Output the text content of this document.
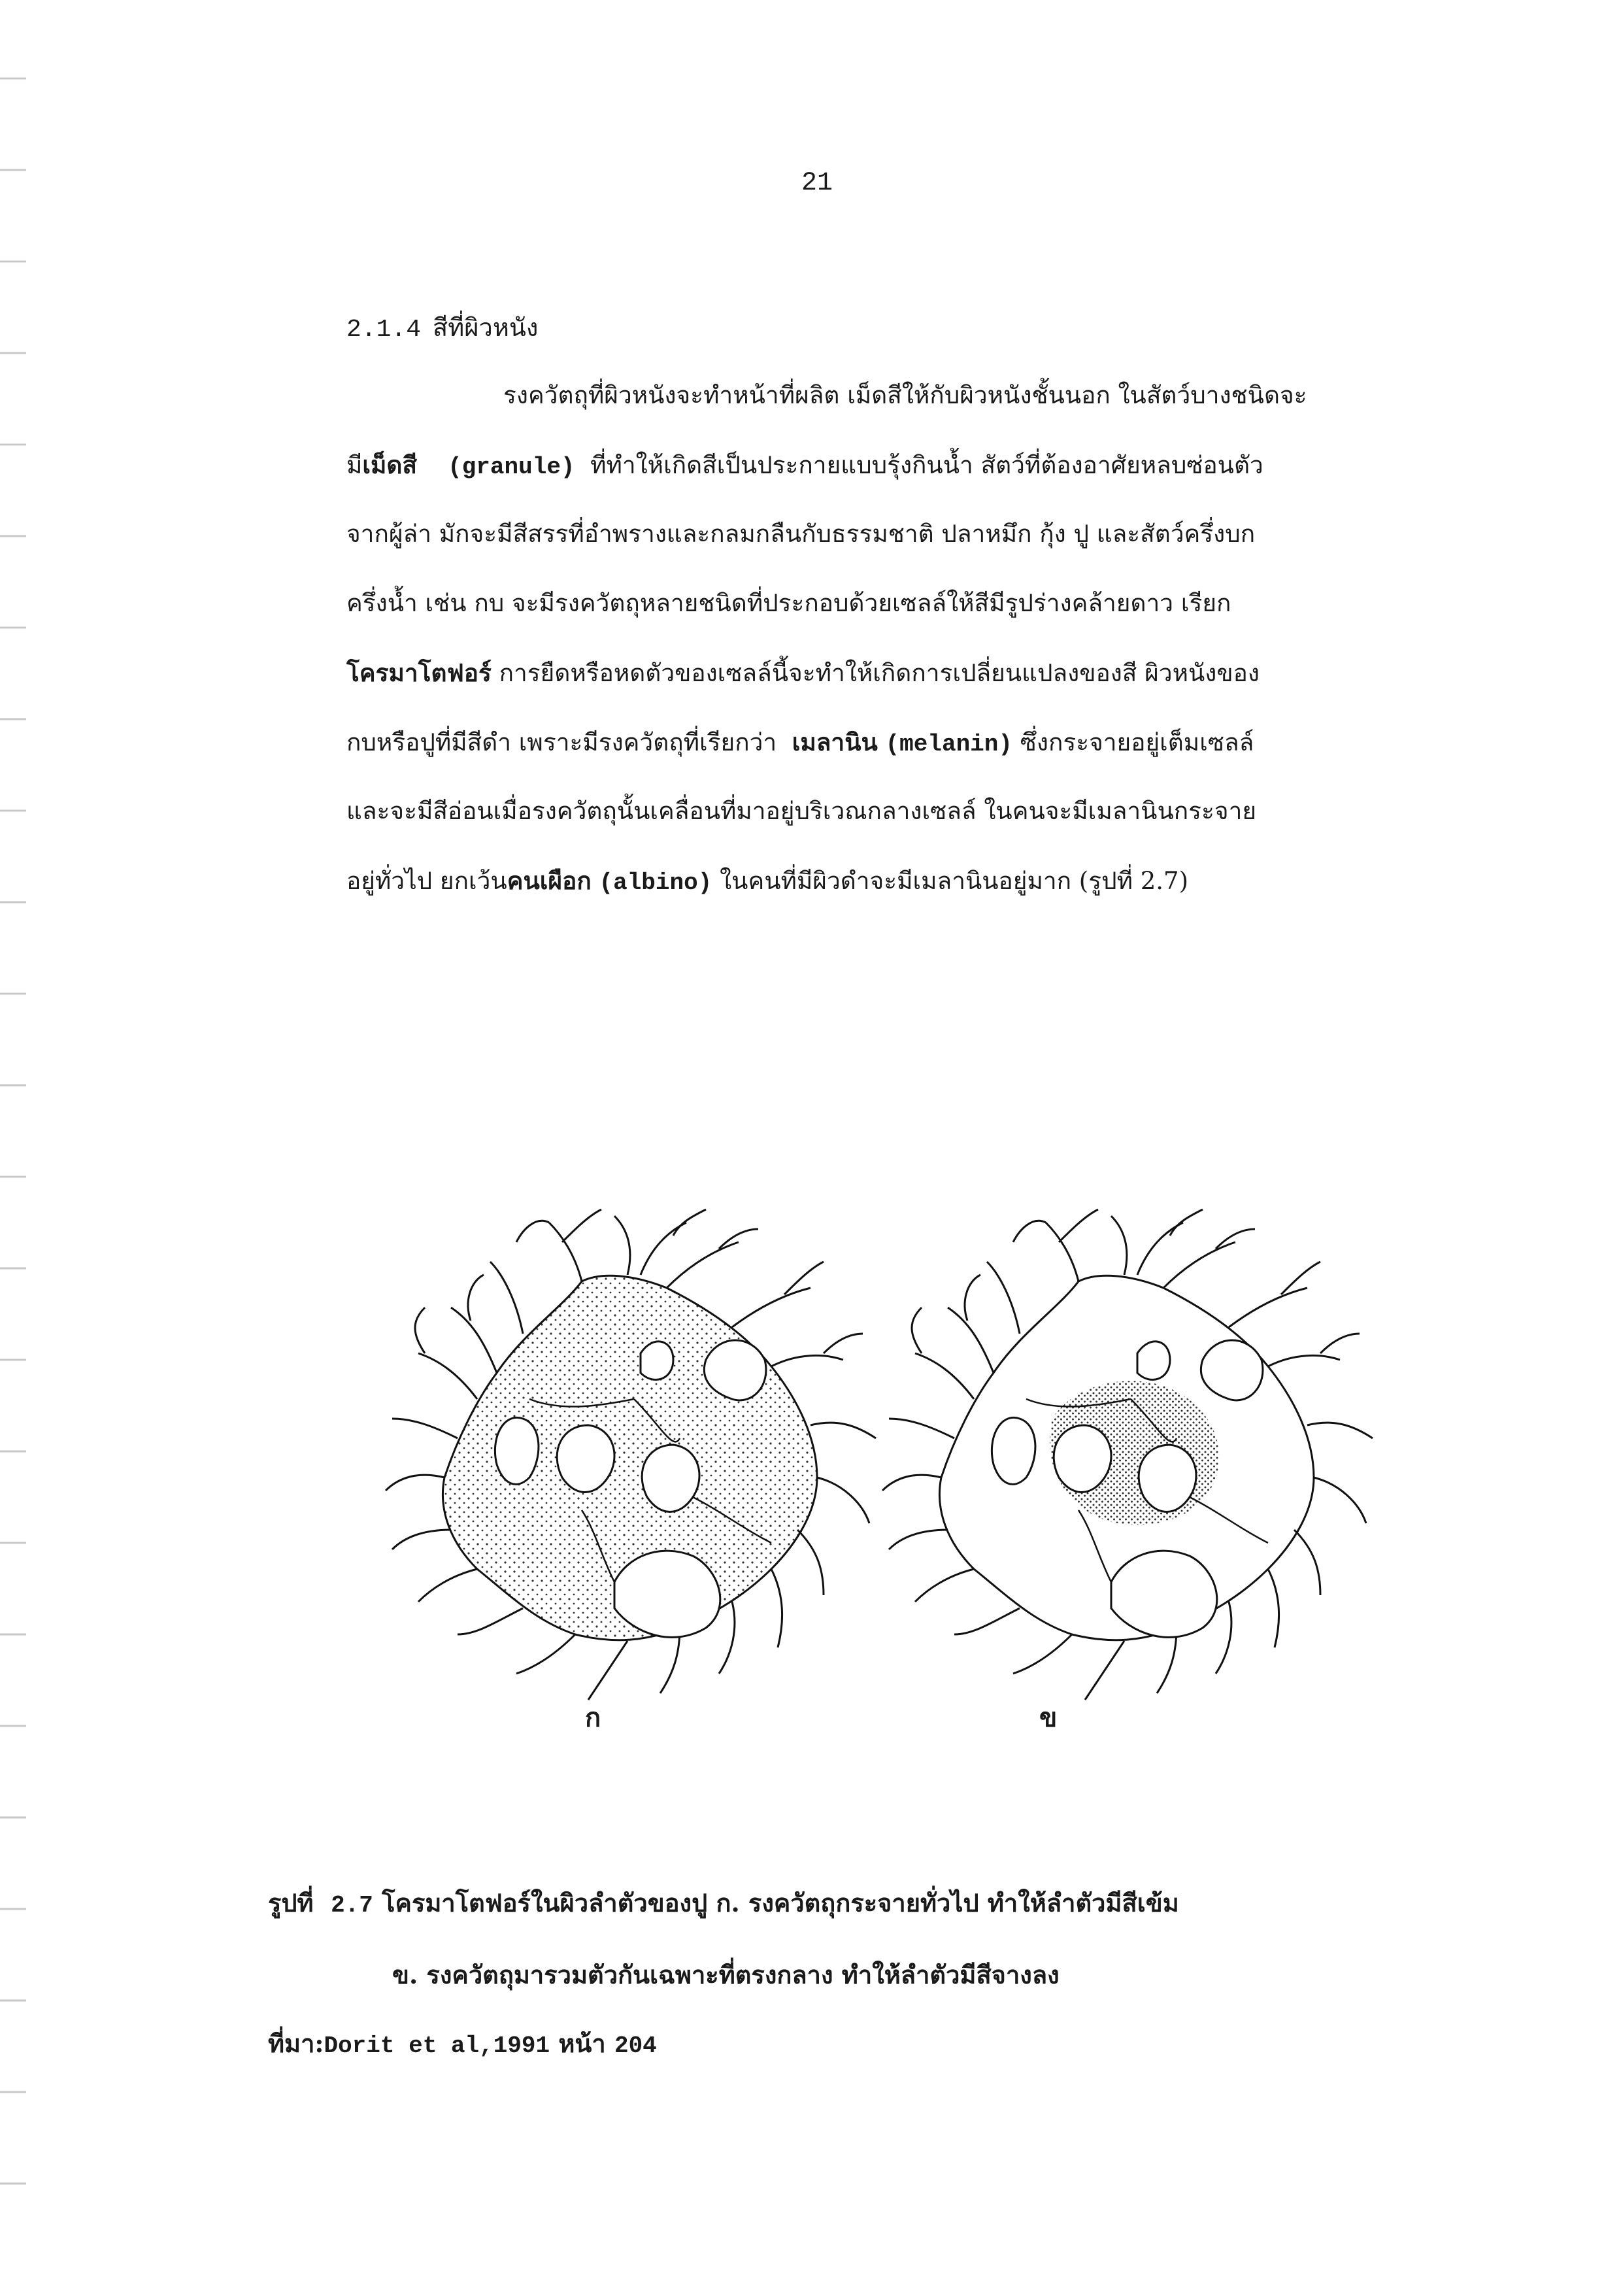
21
2.1.4 สีที่ผิวหนัง
รงควัตถุที่ผิวหนังจะทำหน้าที่ผลิต เม็ดสีให้กับผิวหนังชั้นนอก ในสัตว์บางชนิดจะ
มีเม็ดสี (granule) ที่ทำให้เกิดสีเป็นประกายแบบรุ้งกินน้ำ สัตว์ที่ต้องอาศัยหลบซ่อนตัว
จากผู้ล่า มักจะมีสีสรรที่อำพรางและกลมกลืนกับธรรมชาติ ปลาหมึก กุ้ง ปู และสัตว์ครึ่งบก
ครึ่งน้ำ เช่น กบ จะมีรงควัตถุหลายชนิดที่ประกอบด้วยเซลล์ให้สีมีรูปร่างคล้ายดาว เรียก
โครมาโตฟอร์ การยืดหรือหดตัวของเซลล์นี้จะทำให้เกิดการเปลี่ยนแปลงของสี ผิวหนังของ
กบหรือปูที่มีสีดำ เพราะมีรงควัตถุที่เรียกว่า เมลานิน (melanin) ซึ่งกระจายอยู่เต็มเซลล์
และจะมีสีอ่อนเมื่อรงควัตถุนั้นเคลื่อนที่มาอยู่บริเวณกลางเซลล์ ในคนจะมีเมลานินกระจาย
อยู่ทั่วไป ยกเว้นคนเผือก (albino) ในคนที่มีผิวดำจะมีเมลานินอยู่มาก (รูปที่ 2.7)
ก	ข
รูปที่ 2.7 โครมาโตฟอร์ในผิวลำตัวของปู ก. รงควัตถุกระจายทั่วไป ทำให้ลำตัวมีสีเข้ม
ข. รงควัตถุมารวมตัวกันเฉพาะที่ตรงกลาง ทำให้ลำตัวมีสีจางลง
ที่มา:Dorit et al,1991 หน้า 204
